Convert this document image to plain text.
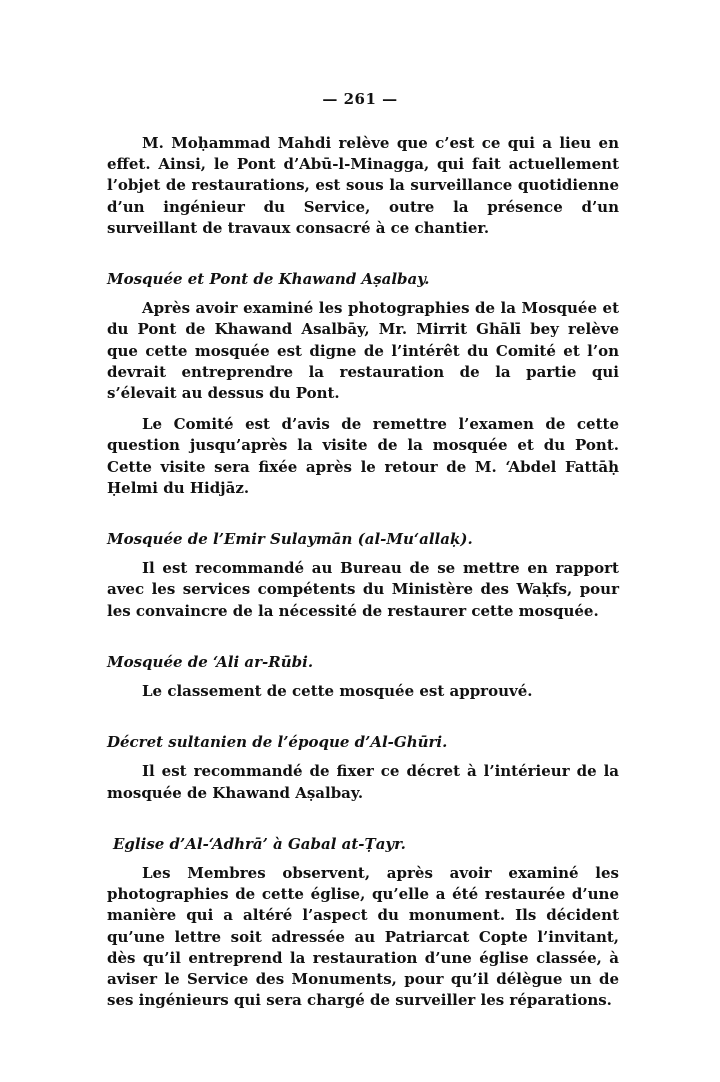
— 261 —

M. Moḥammad Mahdi relève que c’est ce qui a lieu en effet. Ainsi, le Pont d’Abū-l-Minagga, qui fait actuellement l’objet de restaurations, est sous la surveillance quotidienne d’un ingénieur du Service, outre la présence d’un surveillant de travaux consacré à ce chantier.

Mosquée et Pont de Khawand Aṣalbay.

Après avoir examiné les photographies de la Mosquée et du Pont de Khawand Asalbāy, Mr. Mirrit Ghālī bey relève que cette mosquée est digne de l’intérêt du Comité et l’on devrait entreprendre la restauration de la partie qui s’élevait au dessus du Pont.

Le Comité est d’avis de remettre l’examen de cette question jusqu’après la visite de la mosquée et du Pont. Cette visite sera fixée après le retour de M. ‘Abdel Fattāḥ Ḥelmi du Hidjāz.

Mosquée de l’Emir Sulaymān (al-Mu‘allaḳ).

Il est recommandé au Bureau de se mettre en rapport avec les services compétents du Ministère des Waḳfs, pour les convaincre de la nécessité de restaurer cette mosquée.

Mosquée de ‘Ali ar-Rūbi.

Le classement de cette mosquée est approuvé.

Décret sultanien de l’époque d’Al-Ghūri.

Il est recommandé de fixer ce décret à l’intérieur de la mosquée de Khawand Aṣalbay.

Eglise d’Al-‘Adhrā’ à Gabal at-Ṭayr.

Les Membres observent, après avoir examiné les photographies de cette église, qu’elle a été restaurée d’une manière qui a altéré l’aspect du monument. Ils décident qu’une lettre soit adressée au Patriarcat Copte l’invitant, dès qu’il entreprend la restauration d’une église classée, à aviser le Service des Monuments, pour qu’il délègue un de ses ingénieurs qui sera chargé de surveiller les réparations.
